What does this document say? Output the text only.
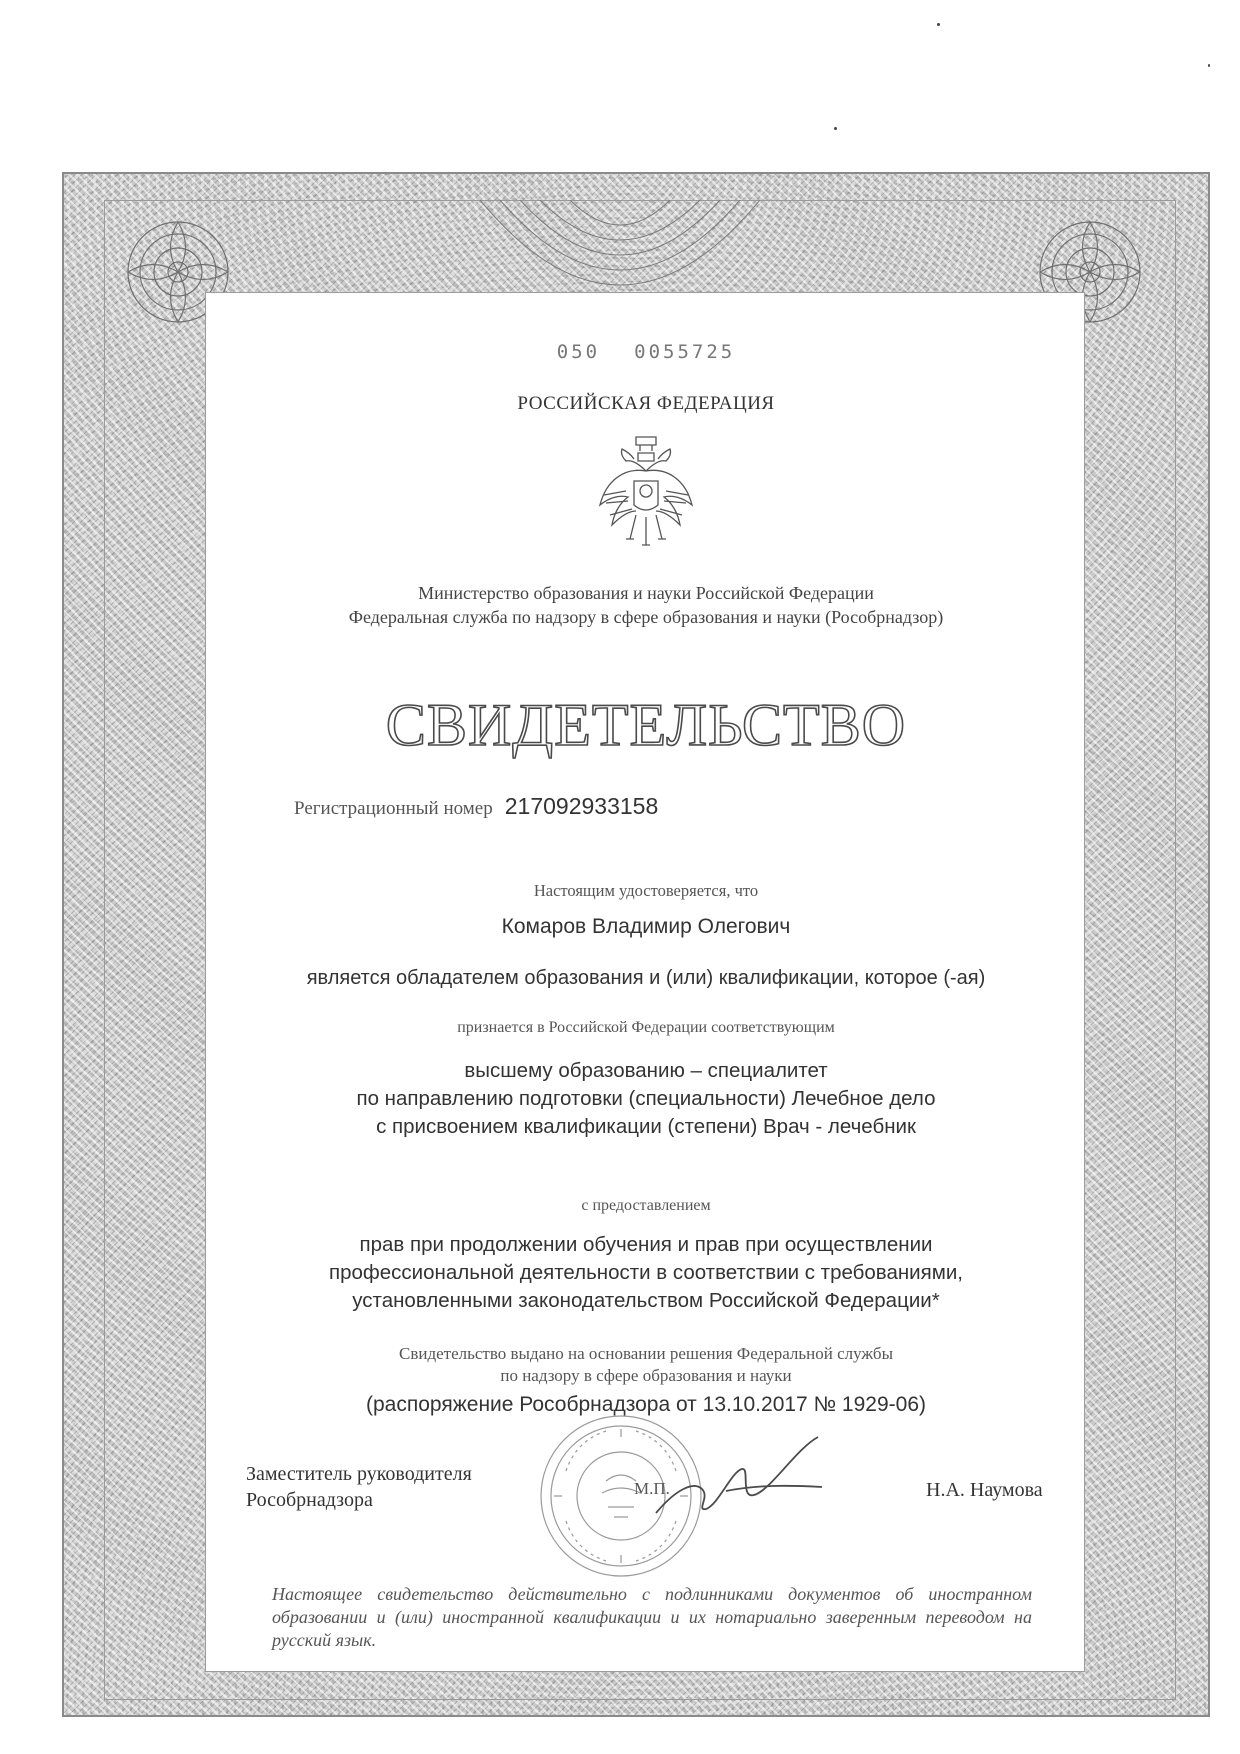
050 0055725

РОССИЙСКАЯ ФЕДЕРАЦИЯ

Министерство образования и науки Российской Федерации
Федеральная служба по надзору в сфере образования и науки (Рособрнадзор)

СВИДЕТЕЛЬСТВО

Регистрационный номер 217092933158

Настоящим удостоверяется, что

Комаров Владимир Олегович

является обладателем образования и (или) квалификации, которое (-ая)

признается в Российской Федерации соответствующим

высшему образованию – специалитет
по направлению подготовки (специальности) Лечебное дело
с присвоением квалификации (степени) Врач - лечебник

с предоставлением

прав при продолжении обучения и прав при осуществлении
профессиональной деятельности в соответствии с требованиями,
установленными законодательством Российской Федерации*

Свидетельство выдано на основании решения Федеральной службы
по надзору в сфере образования и науки

(распоряжение Рособрнадзора от 13.10.2017 № 1929-06)

Заместитель руководителя
Рособрнадзора
М.П.	Н.А. Наумова

Настоящее свидетельство действительно с подлинниками документов об иностранном образовании и (или) иностранной квалификации и их нотариально заверенным переводом на русский язык.
